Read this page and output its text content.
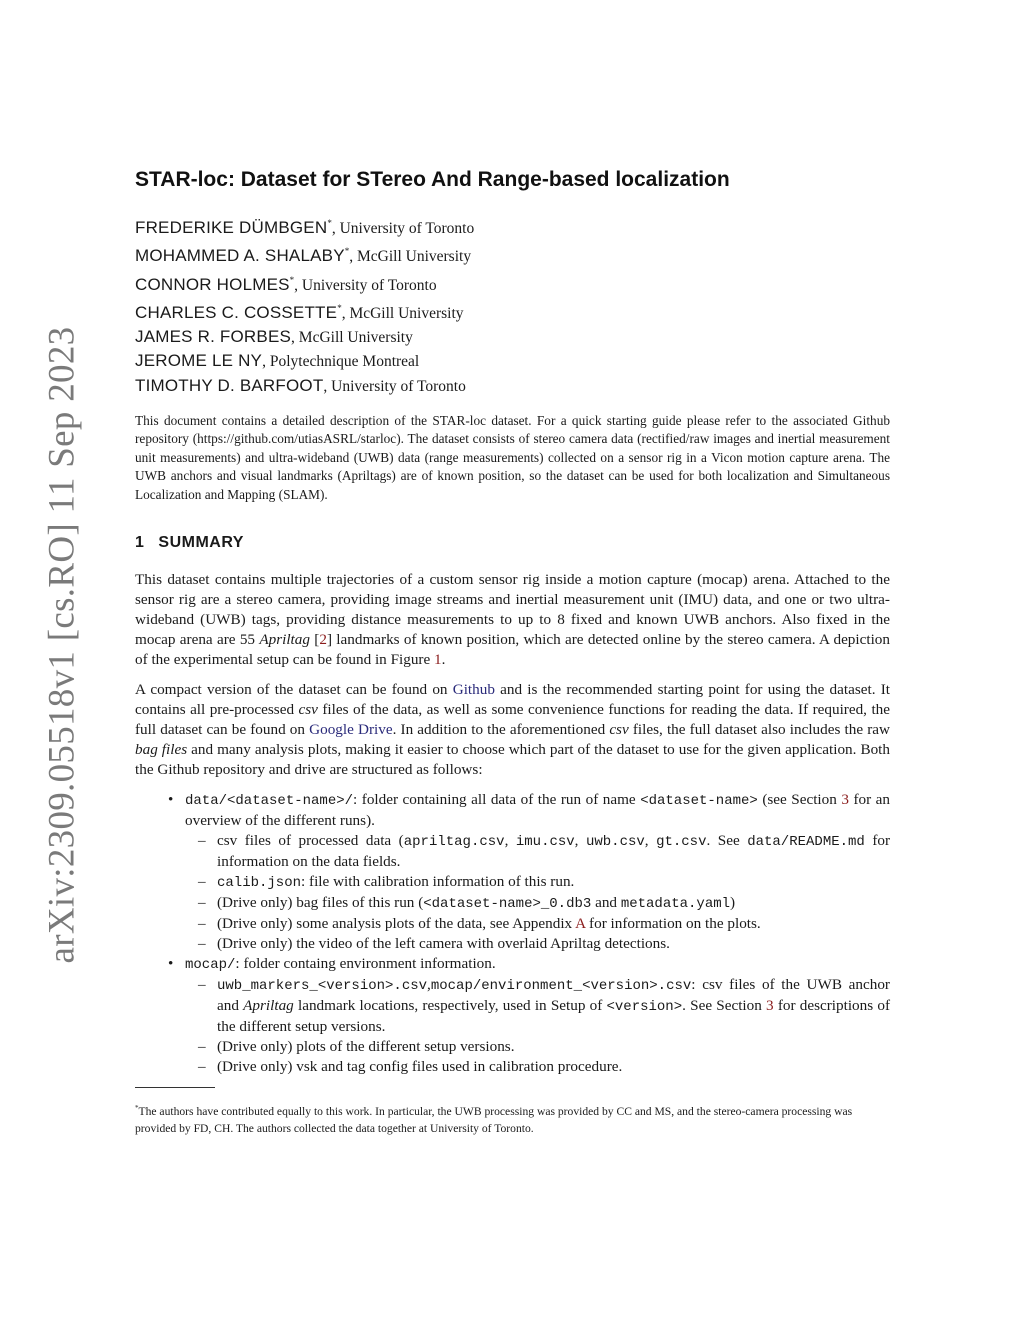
arXiv:2309.05518v1 [cs.RO] 11 Sep 2023
STAR-loc: Dataset for STereo And Range-based localization
FREDERIKE DÜMBGEN*, University of Toronto
MOHAMMED A. SHALABY*, McGill University
CONNOR HOLMES*, University of Toronto
CHARLES C. COSSETTE*, McGill University
JAMES R. FORBES, McGill University
JEROME LE NY, Polytechnique Montreal
TIMOTHY D. BARFOOT, University of Toronto

This document contains a detailed description of the STAR-loc dataset. For a quick starting guide please refer to the associated Github repository (https://github.com/utiasASRL/starloc). The dataset consists of stereo camera data (rectified/raw images and inertial measurement unit measurements) and ultra-wideband (UWB) data (range measurements) collected on a sensor rig in a Vicon motion capture arena. The UWB anchors and visual landmarks (Apriltags) are of known position, so the dataset can be used for both localization and Simultaneous Localization and Mapping (SLAM).

1 SUMMARY

This dataset contains multiple trajectories of a custom sensor rig inside a motion capture (mocap) arena. Attached to the sensor rig are a stereo camera, providing image streams and inertial measurement unit (IMU) data, and one or two ultra-wideband (UWB) tags, providing distance measurements to up to 8 fixed and known UWB anchors. Also fixed in the mocap arena are 55 Apriltag [2] landmarks of known position, which are detected online by the stereo camera. A depiction of the experimental setup can be found in Figure 1.

A compact version of the dataset can be found on Github and is the recommended starting point for using the dataset. It contains all pre-processed csv files of the data, as well as some convenience functions for reading the data. If required, the full dataset can be found on Google Drive. In addition to the aforementioned csv files, the full dataset also includes the raw bag files and many analysis plots, making it easier to choose which part of the dataset to use for the given application. Both the Github repository and drive are structured as follows:

• data/<dataset-name>/: folder containing all data of the run of name <dataset-name> (see Section 3 for an overview of the different runs).
– csv files of processed data (apriltag.csv, imu.csv, uwb.csv, gt.csv. See data/README.md for information on the data fields.
– calib.json: file with calibration information of this run.
– (Drive only) bag files of this run (<dataset-name>_0.db3 and metadata.yaml)
– (Drive only) some analysis plots of the data, see Appendix A for information on the plots.
– (Drive only) the video of the left camera with overlaid Apriltag detections.
• mocap/: folder containg environment information.
– uwb_markers_<version>.csv,mocap/environment_<version>.csv: csv files of the UWB anchor and Apriltag landmark locations, respectively, used in Setup of <version>. See Section 3 for descriptions of the different setup versions.
– (Drive only) plots of the different setup versions.
– (Drive only) vsk and tag config files used in calibration procedure.

*The authors have contributed equally to this work. In particular, the UWB processing was provided by CC and MS, and the stereo-camera processing was provided by FD, CH. The authors collected the data together at University of Toronto.
